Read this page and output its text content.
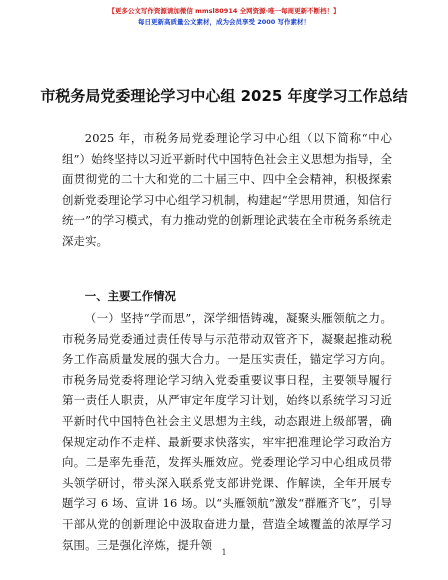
【更多公文写作资源请加微信 mmsl80914 全网资源·唯一每周更新不断档！】
每日更新高质量公文素材，成为会员享受 2000 写作素材！
市税务局党委理论学习中心组 2025 年度学习工作总结
2025 年，市税务局党委理论学习中心组（以下简称“中心组”）始终坚持以习近平新时代中国特色社会主义思想为指导，全面贯彻党的二十大和党的二十届三中、四中全会精神，积极探索创新党委理论学习中心组学习机制，构建起“学思用贯通，知信行统一”的学习模式，有力推动党的创新理论武装在全市税务系统走深走实。
一、主要工作情况
（一）坚持“学而思”，深学细悟铸魂，凝聚头雁领航之力。市税务局党委通过责任传导与示范带动双管齐下，凝聚起推动税务工作高质量发展的强大合力。一是压实责任，锚定学习方向。市税务局党委将理论学习纳入党委重要议事日程，主要领导履行第一责任人职责，从严审定年度学习计划，始终以系统学习习近平新时代中国特色社会主义思想为主线，动态跟进上级部署，确保规定动作不走样、最新要求快落实，牢牢把准理论学习政治方向。二是率先垂范，发挥头雁效应。党委理论学习中心组成员带头领学研讨，带头深入联系党支部讲党课、作解读，全年开展专题学习 6 场、宣讲 16 场。以“头雁领航”激发“群雁齐飞”，引导干部从党的创新理论中汲取奋进力量，营造全域覆盖的浓厚学习氛围。三是强化淬炼，提升领
1
